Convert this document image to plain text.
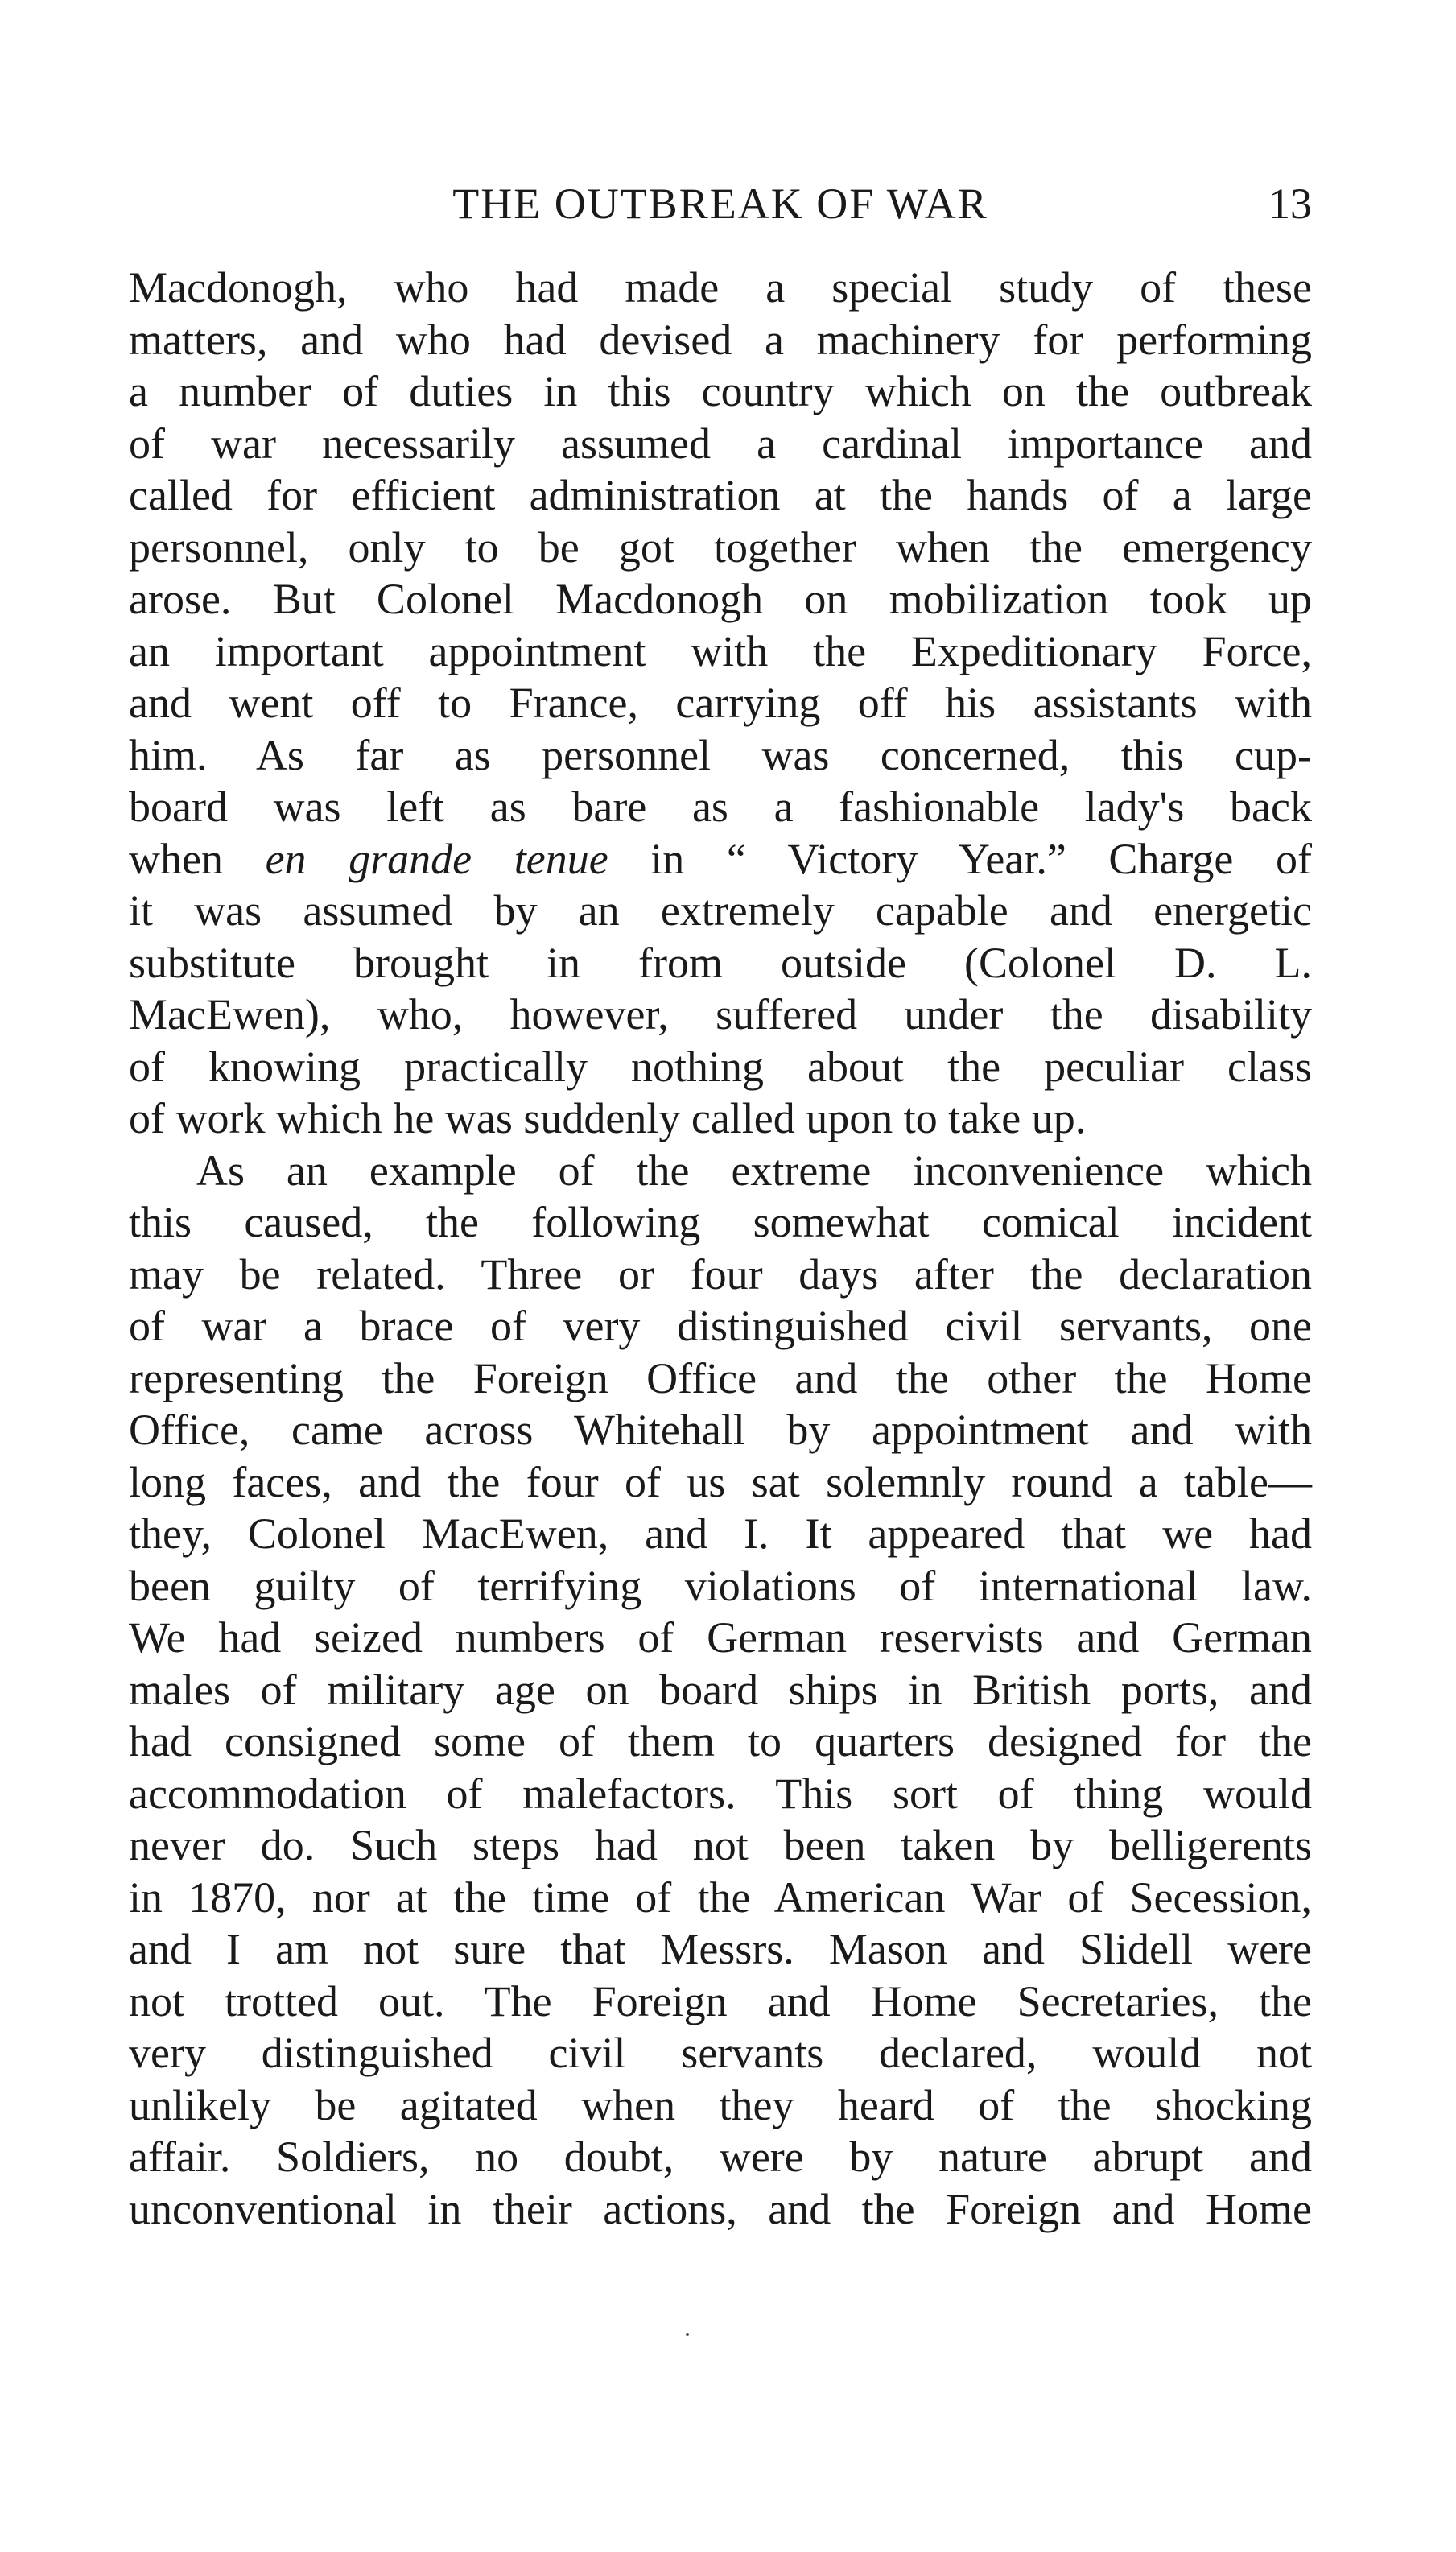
THE OUTBREAK OF WAR	13
Macdonogh, who had made a special study of these
matters, and who had devised a machinery for performing
a number of duties in this country which on the outbreak
of war necessarily assumed a cardinal importance and
called for efficient administration at the hands of a large
personnel, only to be got together when the emergency
arose. But Colonel Macdonogh on mobilization took up
an important appointment with the Expeditionary Force,
and went off to France, carrying off his assistants with
him. As far as personnel was concerned, this cup-
board was left as bare as a fashionable lady's back
when en grande tenue in “ Victory Year.” Charge of
it was assumed by an extremely capable and energetic
substitute brought in from outside (Colonel D. L.
MacEwen), who, however, suffered under the disability
of knowing practically nothing about the peculiar class
of work which he was suddenly called upon to take up.
As an example of the extreme inconvenience which
this caused, the following somewhat comical incident
may be related. Three or four days after the declaration
of war a brace of very distinguished civil servants, one
representing the Foreign Office and the other the Home
Office, came across Whitehall by appointment and with
long faces, and the four of us sat solemnly round a table—
they, Colonel MacEwen, and I. It appeared that we had
been guilty of terrifying violations of international law.
We had seized numbers of German reservists and German
males of military age on board ships in British ports, and
had consigned some of them to quarters designed for the
accommodation of malefactors. This sort of thing would
never do. Such steps had not been taken by belligerents
in 1870, nor at the time of the American War of Secession,
and I am not sure that Messrs. Mason and Slidell were
not trotted out. The Foreign and Home Secretaries, the
very distinguished civil servants declared, would not
unlikely be agitated when they heard of the shocking
affair. Soldiers, no doubt, were by nature abrupt and
unconventional in their actions, and the Foreign and Home
